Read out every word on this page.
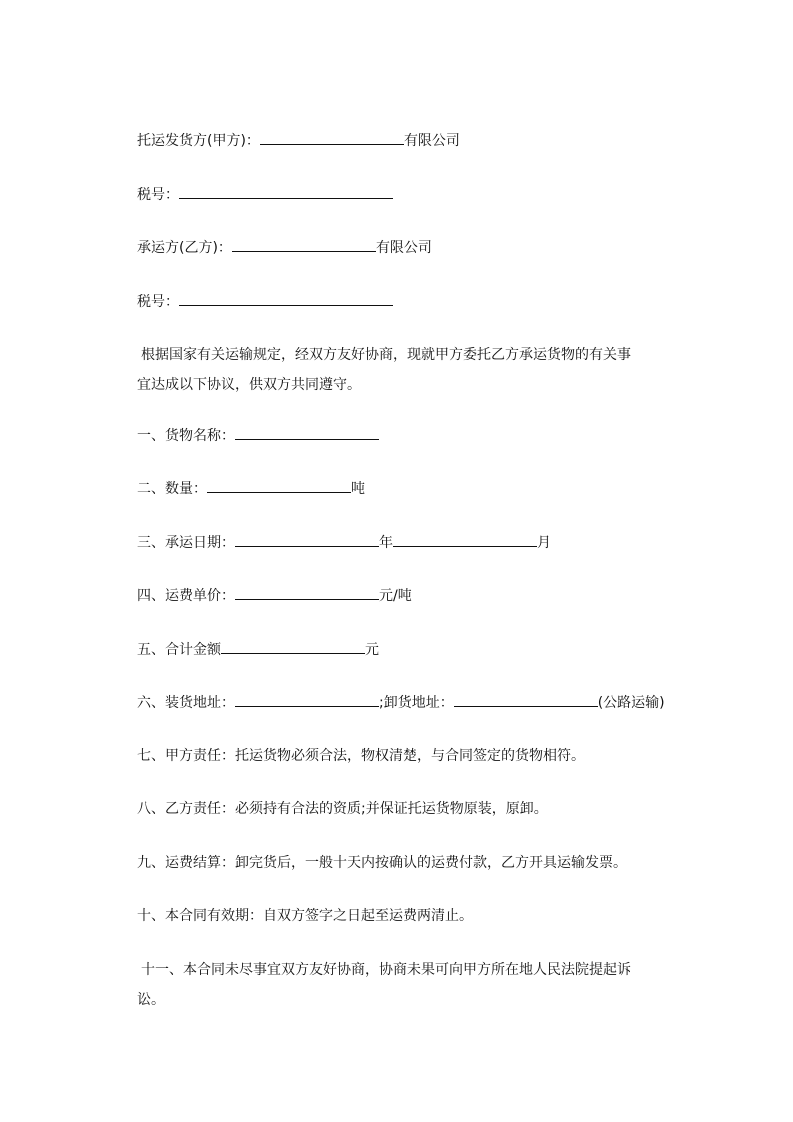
托运发货方(甲方)：	有限公司
税号：
承运方(乙方)：	有限公司
税号：
根据国家有关运输规定，经双方友好协商，现就甲方委托乙方承运货物的有关事
宜达成以下协议，供双方共同遵守。
一、货物名称：
二、数量：	吨
三、承运日期：	年	月
四、运费单价：	元/吨
五、合计金额	元
六、装货地址：	;卸货地址：	(公路运输)
七、甲方责任：托运货物必须合法，物权清楚，与合同签定的货物相符。
八、乙方责任：必须持有合法的资质;并保证托运货物原装，原卸。
九、运费结算：卸完货后，一般十天内按确认的运费付款，乙方开具运输发票。
十、本合同有效期：自双方签字之日起至运费两清止。
十一、本合同未尽事宜双方友好协商，协商未果可向甲方所在地人民法院提起诉
讼。
